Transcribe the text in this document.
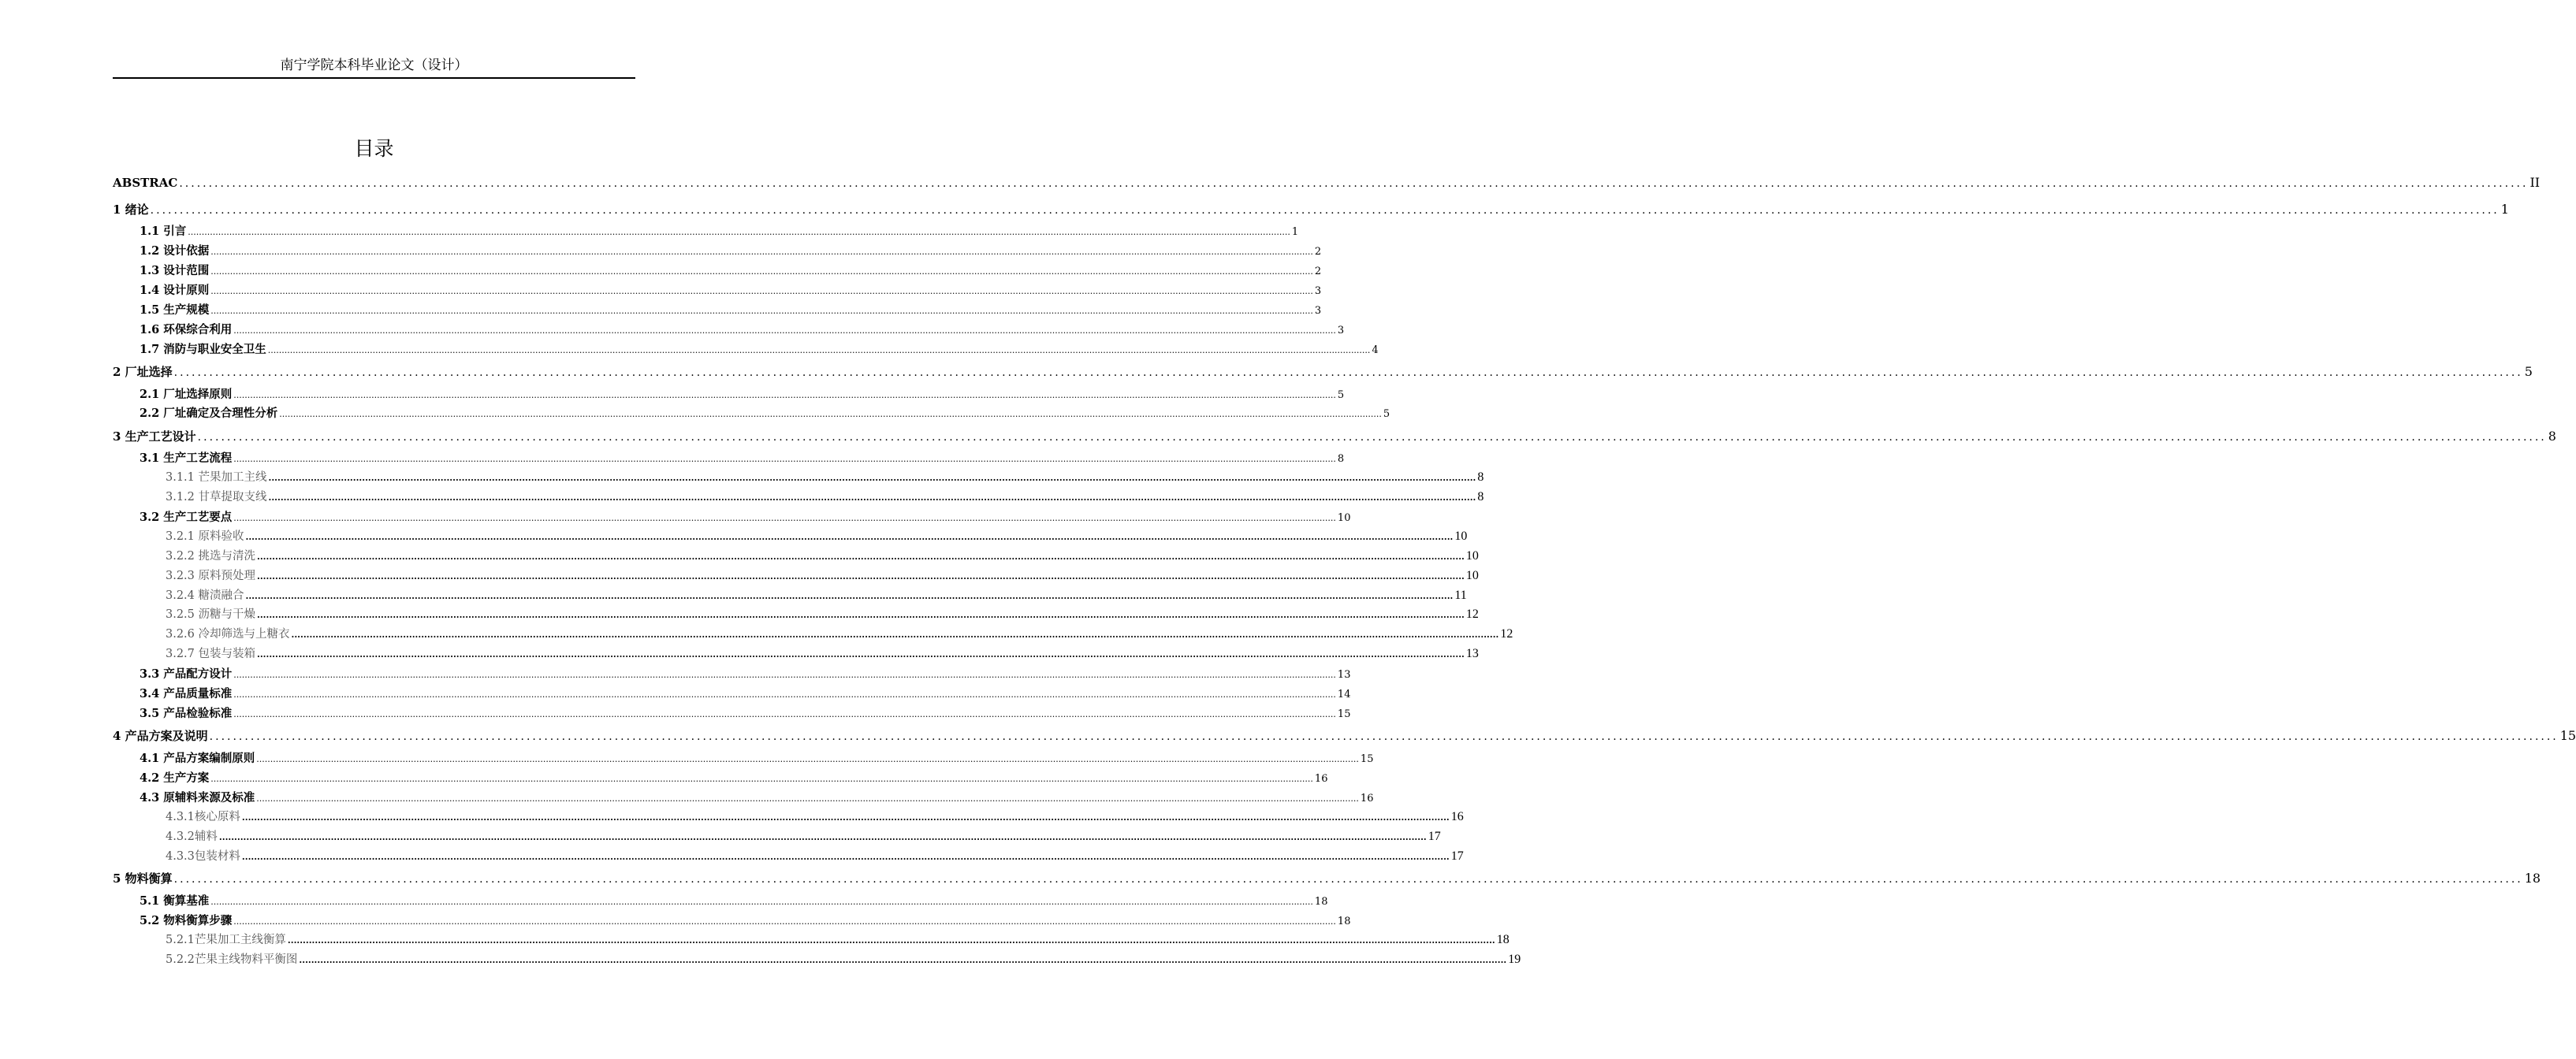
南宁学院本科毕业论文（设计）
目录
ABSTRAC ................................................................................................................................................................................................................................................................................................................................................................................................................ II
1 绪论 ................................................................................................................................................................................................................................................................................................................................................................................................................ 1
1.1 引言 ................................................................................................................................................................................................................................................................................................................................................................................................................ 1
1.2 设计依据 ................................................................................................................................................................................................................................................................................................................................................................................................................ 2
1.3 设计范围 ................................................................................................................................................................................................................................................................................................................................................................................................................ 2
1.4 设计原则 ................................................................................................................................................................................................................................................................................................................................................................................................................ 3
1.5 生产规模 ................................................................................................................................................................................................................................................................................................................................................................................................................ 3
1.6 环保综合利用 ................................................................................................................................................................................................................................................................................................................................................................................................................ 3
1.7 消防与职业安全卫生 ................................................................................................................................................................................................................................................................................................................................................................................................................ 4
2 厂址选择 ................................................................................................................................................................................................................................................................................................................................................................................................................ 5
2.1 厂址选择原则 ................................................................................................................................................................................................................................................................................................................................................................................................................ 5
2.2 厂址确定及合理性分析 ................................................................................................................................................................................................................................................................................................................................................................................................................ 5
3 生产工艺设计 ................................................................................................................................................................................................................................................................................................................................................................................................................ 8
3.1 生产工艺流程 ................................................................................................................................................................................................................................................................................................................................................................................................................ 8
3.1.1 芒果加工主线 ................................................................................................................................................................................................................................................................................................................................................................................................................ 8
3.1.2 甘草提取支线 ................................................................................................................................................................................................................................................................................................................................................................................................................ 8
3.2 生产工艺要点 ................................................................................................................................................................................................................................................................................................................................................................................................................ 10
3.2.1 原料验收 ................................................................................................................................................................................................................................................................................................................................................................................................................ 10
3.2.2 挑选与清洗 ................................................................................................................................................................................................................................................................................................................................................................................................................ 10
3.2.3 原料预处理 ................................................................................................................................................................................................................................................................................................................................................................................................................ 10
3.2.4 糖渍融合 ................................................................................................................................................................................................................................................................................................................................................................................................................ 11
3.2.5 沥糖与干燥 ................................................................................................................................................................................................................................................................................................................................................................................................................ 12
3.2.6 冷却筛选与上糖衣 ................................................................................................................................................................................................................................................................................................................................................................................................................ 12
3.2.7 包装与装箱 ................................................................................................................................................................................................................................................................................................................................................................................................................ 13
3.3 产品配方设计 ................................................................................................................................................................................................................................................................................................................................................................................................................ 13
3.4 产品质量标准 ................................................................................................................................................................................................................................................................................................................................................................................................................ 14
3.5 产品检验标准 ................................................................................................................................................................................................................................................................................................................................................................................................................ 15
4 产品方案及说明 ................................................................................................................................................................................................................................................................................................................................................................................................................ 15
4.1 产品方案编制原则 ................................................................................................................................................................................................................................................................................................................................................................................................................ 15
4.2 生产方案 ................................................................................................................................................................................................................................................................................................................................................................................................................ 16
4.3 原辅料来源及标准 ................................................................................................................................................................................................................................................................................................................................................................................................................ 16
4.3.1核心原料 ................................................................................................................................................................................................................................................................................................................................................................................................................ 16
4.3.2辅料 ................................................................................................................................................................................................................................................................................................................................................................................................................ 17
4.3.3包装材料 ................................................................................................................................................................................................................................................................................................................................................................................................................ 17
5 物料衡算 ................................................................................................................................................................................................................................................................................................................................................................................................................ 18
5.1 衡算基准 ................................................................................................................................................................................................................................................................................................................................................................................................................ 18
5.2 物料衡算步骤 ................................................................................................................................................................................................................................................................................................................................................................................................................ 18
5.2.1芒果加工主线衡算 ................................................................................................................................................................................................................................................................................................................................................................................................................ 18
5.2.2芒果主线物料平衡图 ................................................................................................................................................................................................................................................................................................................................................................................................................ 19
